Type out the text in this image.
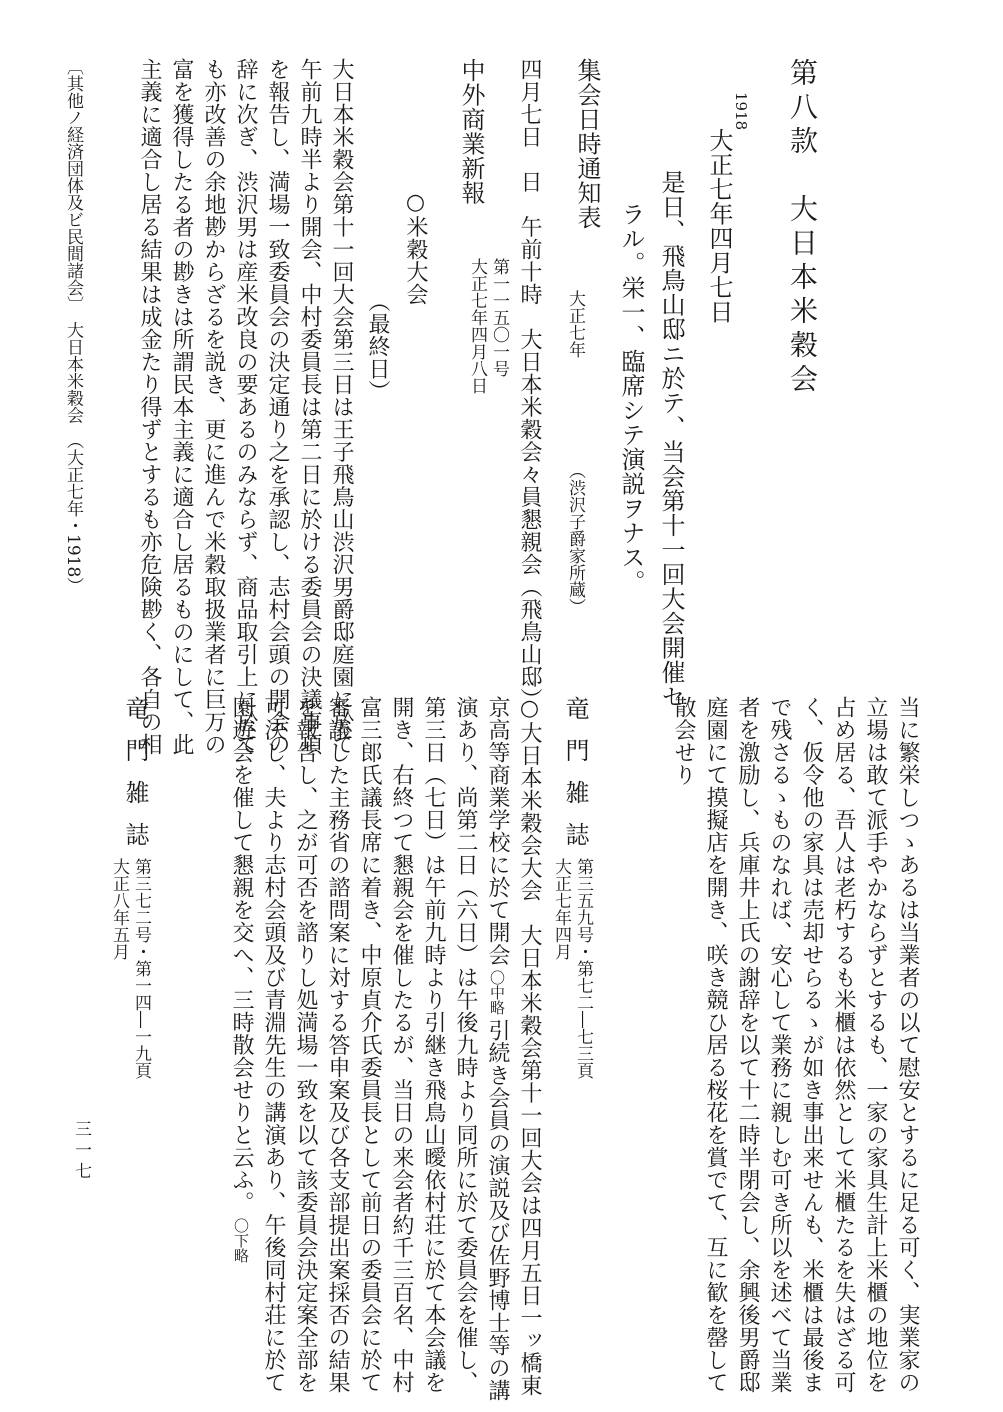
第八款　大日本米穀会
1918
大正七年四月七日
是日、飛鳥山邸ニ於テ、当会第十一回大会開催セ
ラル。栄一、臨席シテ演説ヲナス。
集会日時通知表
大正七年
（渋沢子爵家所蔵）
四月七日　日　午前十時　大日本米穀会々員懇親会（飛鳥山邸）
中外商業新報
第一一五〇一号
大正七年四月八日
○米穀大会
（最終日）
大日本米穀会第十一回大会第三日は王子飛鳥山渋沢男爵邸庭園に於て
午前九時半より開会、中村委員長は第二日に於ける委員会の決議事項
を報告し、満場一致委員会の決定通り之を承認し、志村会頭の開会の
辞に次ぎ、渋沢男は産米改良の要あるのみならず、商品取引上に於て
も亦改善の余地尠からざるを説き、更に進んで米穀取扱業者に巨万の
富を獲得したる者の尠きは所謂民本主義に適合し居るものにして、此
主義に適合し居る結果は成金たり得ずとするも亦危険尠く、各自の相
〔其他ノ経済団体及ビ民間諸会〕　大日本米穀会　（大正七年・1918）
当に繁栄しつゝあるは当業者の以て慰安とするに足る可く、実業家の
立場は敢て派手やかならずとするも、一家の家具生計上米櫃の地位を
占め居る、吾人は老朽するも米櫃は依然として米櫃たるを失はざる可
く、仮令他の家具は売却せらるゝが如き事出来せんも、米櫃は最後ま
で残さるゝものなれば、安心して業務に親しむ可き所以を述べて当業
者を激励し、兵庫井上氏の謝辞を以て十二時半閉会し、余興後男爵邸
庭園にて摸擬店を開き、咲き競ひ居る桜花を賞でて、互に歓を罄して
散会せり
竜門雑誌
第三五九号・第七二―七三頁
大正七年四月
○大日本米穀会大会　大日本米穀会第十一回大会は四月五日一ッ橋東
京高等商業学校に於て開会 〇中略 引続き会員の演説及び佐野博士等の講
演あり、尚第二日（六日）は午後九時より同所に於て委員会を催し、
第三日（七日）は午前九時より引継き飛鳥山曖依村荘に於て本会議を
開き、右終つて懇親会を催したるが、当日の来会者約千三百名、中村
富三郎氏議長席に着き、中原貞介氏委員長として前日の委員会に於て
審議した主務省の諮問案に対する答申案及び各支部提出案採否の結果
を報告し、之が可否を諮りし処満場一致を以て該委員会決定案全部を
可決し、夫より志村会頭及び青淵先生の講演あり、午後同村荘に於て
園遊会を催して懇親を交へ、三時散会せりと云ふ。 〇下略
竜門雑誌
第三七二号・第一四―一九頁
大正八年五月
三一七
